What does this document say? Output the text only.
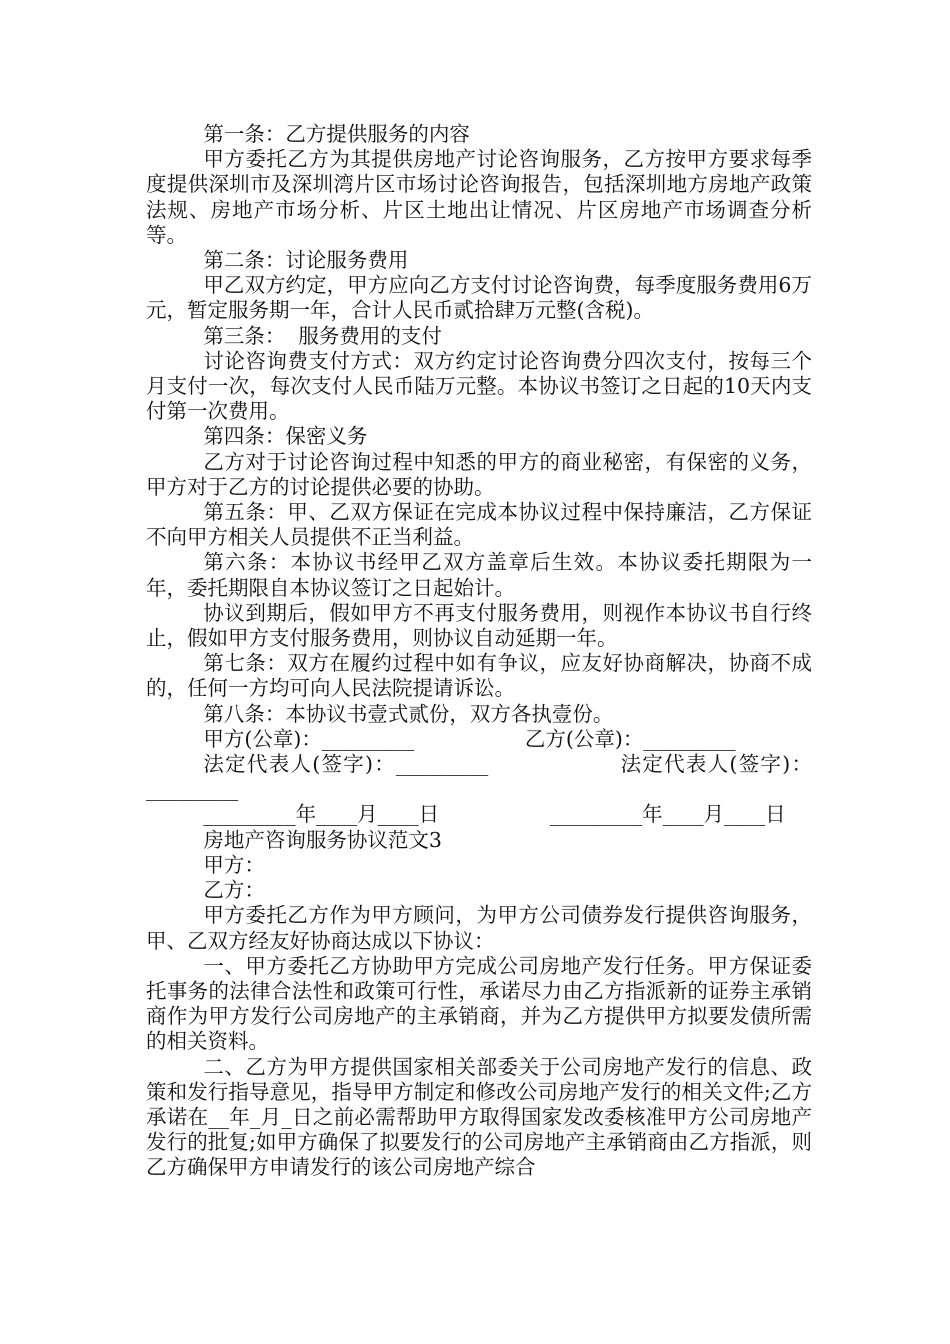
第一条：乙方提供服务的内容

甲方委托乙方为其提供房地产讨论咨询服务，乙方按甲方要求每季度提供深圳市及深圳湾片区市场讨论咨询报告，包括深圳地方房地产政策法规、房地产市场分析、片区土地出让情况、片区房地产市场调查分析等。

第二条：讨论服务费用

甲乙双方约定，甲方应向乙方支付讨论咨询费，每季度服务费用6万元，暂定服务期一年，合计人民币贰拾肆万元整(含税)。

第三条：  服务费用的支付

讨论咨询费支付方式：双方约定讨论咨询费分四次支付，按每三个月支付一次，每次支付人民币陆万元整。本协议书签订之日起的10天内支付第一次费用。

第四条：保密义务

乙方对于讨论咨询过程中知悉的甲方的商业秘密，有保密的义务，甲方对于乙方的讨论提供必要的协助。

第五条：甲、乙双方保证在完成本协议过程中保持廉洁，乙方保证不向甲方相关人员提供不正当利益。

第六条：本协议书经甲乙双方盖章后生效。本协议委托期限为一年，委托期限自本协议签订之日起始计。

协议到期后，假如甲方不再支付服务费用，则视作本协议书自行终止，假如甲方支付服务费用，则协议自动延期一年。

第七条：双方在履约过程中如有争议，应友好协商解决，协商不成的，任何一方均可向人民法院提请诉讼。

第八条：本协议书壹式贰份，双方各执壹份。

甲方(公章)：_________                 乙方(公章)：_________

法定代表人(签字)：_________                 法定代表人(签字)：_________

_________年____月____日                 _________年____月____日

房地产咨询服务协议范文3

甲方：

乙方：

甲方委托乙方作为甲方顾问，为甲方公司债券发行提供咨询服务，甲、乙双方经友好协商达成以下协议：

一、甲方委托乙方协助甲方完成公司房地产发行任务。甲方保证委托事务的法律合法性和政策可行性，承诺尽力由乙方指派新的证券主承销商作为甲方发行公司房地产的主承销商，并为乙方提供甲方拟要发债所需的相关资料。

二、乙方为甲方提供国家相关部委关于公司房地产发行的信息、政策和发行指导意见，指导甲方制定和修改公司房地产发行的相关文件;乙方承诺在__年_月_日之前必需帮助甲方取得国家发改委核准甲方公司房地产发行的批复;如甲方确保了拟要发行的公司房地产主承销商由乙方指派，则乙方确保甲方申请发行的该公司房地产综合
